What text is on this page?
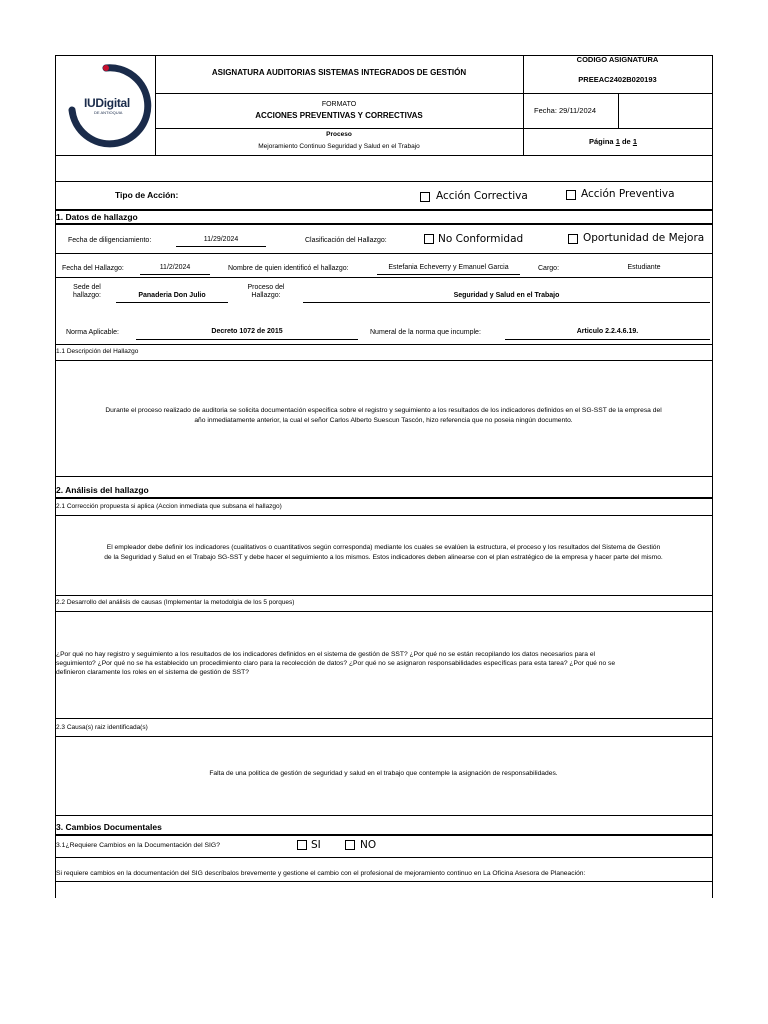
IUDigital
DE ANTIOQUIA
ASIGNATURA AUDITORIAS SISTEMAS INTEGRADOS DE GESTIÓN
CODIGO ASIGNATURA
PREEAC2402B020193
FORMATO
ACCIONES PREVENTIVAS Y CORRECTIVAS
Fecha: 29/11/2024
Proceso
Mejoramiento Continuo Seguridad y Salud en el Trabajo
Página 1 de 1
Tipo de Acción:	Acción Correctiva	Acción Preventiva
1. Datos de hallazgo
Fecha de diligenciamiento:	11/29/2024	Clasificación del Hallazgo:	No Conformidad	Oportunidad de Mejora
Fecha del Hallazgo:	11/2/2024	Nombre de quien identificó el hallazgo:	Estefania Echeverry y Emanuel Garcia	Cargo:	Estudiante
Sede del
hallazgo:	Panaderia Don Julio
Proceso del
Hallazgo:	Seguridad y Salud en el Trabajo
Norma Aplicable:	Decreto 1072 de 2015	Numeral de la norma que incumple:	Articulo 2.2.4.6.19.
1.1 Descripción del Hallazgo
Durante el proceso realizado de auditoria se solicita documentación especifica sobre el registro y seguimiento a los resultados de los indicadores definidos en el SG-SST de la empresa del
año inmediatamente anterior, la cual el señor Carlos Alberto Suescun Tascón, hizo referencia que no poseia ningún documento.
2. Análisis del hallazgo
2.1 Corrección propuesta si aplica (Accion inmediata que subsana el hallazgo)
El empleador debe definir los indicadores (cualitativos o cuantitativos según corresponda) mediante los cuales se evalúen la estructura, el proceso y los resultados del Sistema de Gestión
de la Seguridad y Salud en el Trabajo SG-SST y debe hacer el seguimiento a los mismos. Estos indicadores deben alinearse con el plan estratégico de la empresa y hacer parte del mismo.
2.2 Desarrollo del análisis de causas (Implementar la metodolgia de los 5 porques)
¿Por qué no hay registro y seguimiento a los resultados de los indicadores definidos en el sistema de gestión de SST? ¿Por qué no se están recopilando los datos necesarios para el
seguimiento? ¿Por qué no se ha establecido un procedimiento claro para la recolección de datos? ¿Por qué no se asignaron responsabilidades específicas para esta tarea? ¿Por qué no se
definieron claramente los roles en el sistema de gestión de SST?
2.3 Causa(s) raiz identificada(s)
Falta de una politica de gestión de seguridad y salud en el trabajo que contemple la asignación de responsabilidades.
3. Cambios Documentales
3.1¿Requiere Cambios en la Documentación del SIG?	SI	NO
Si requiere cambios en la documentación del SIG descríbalos brevemente y gestione el cambio con el profesional de mejoramiento continuo en La Oficina Asesora de Planeación:
